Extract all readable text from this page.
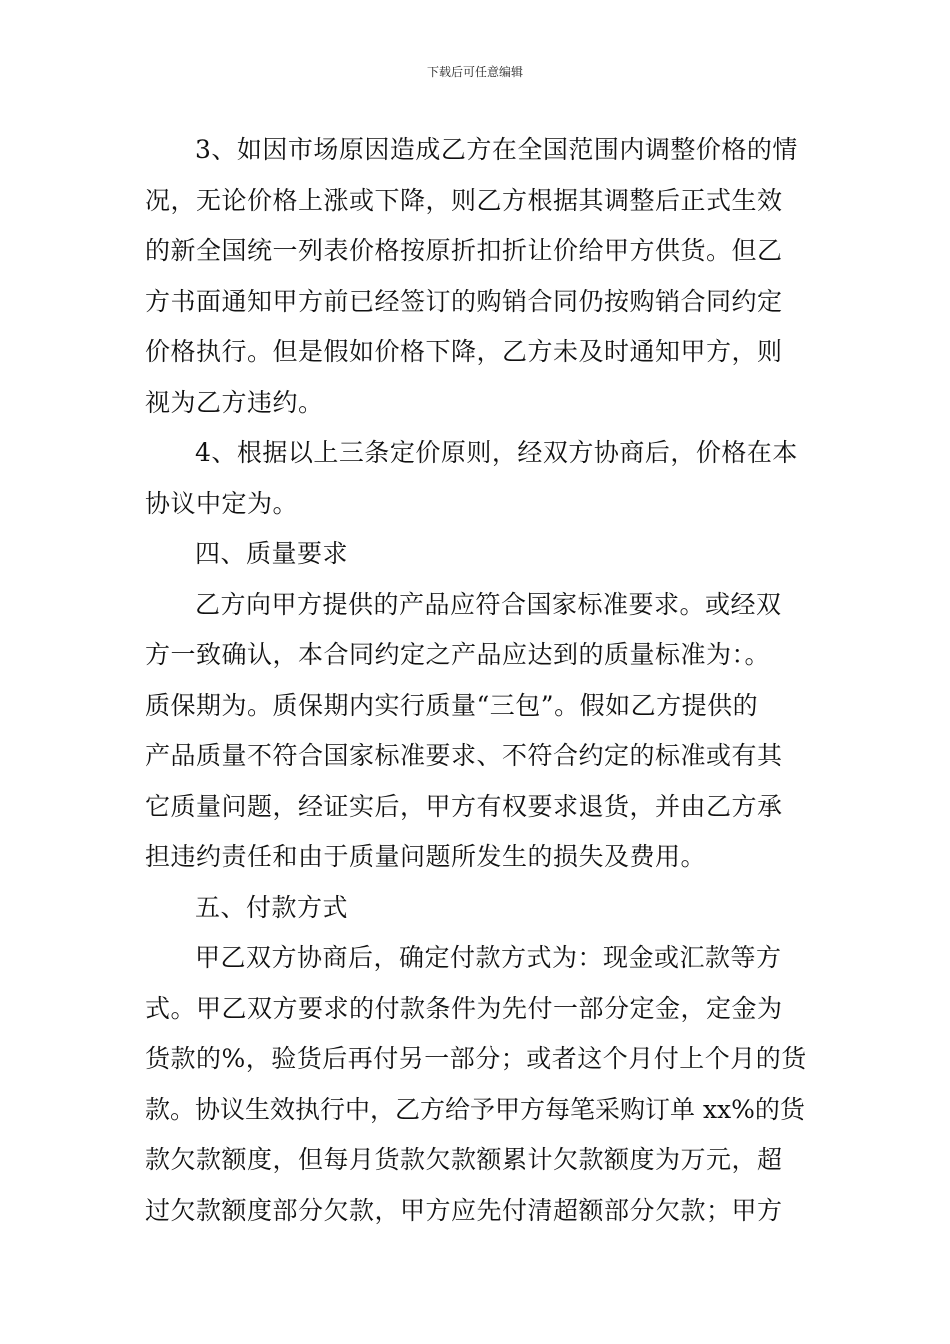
下载后可任意编辑
3、如因市场原因造成乙方在全国范围内调整价格的情
况，无论价格上涨或下降，则乙方根据其调整后正式生效
的新全国统一列表价格按原折扣折让价给甲方供货。但乙
方书面通知甲方前已经签订的购销合同仍按购销合同约定
价格执行。但是假如价格下降，乙方未及时通知甲方，则
视为乙方违约。
4、根据以上三条定价原则，经双方协商后，价格在本
协议中定为。
四、质量要求
乙方向甲方提供的产品应符合国家标准要求。或经双
方一致确认，本合同约定之产品应达到的质量标准为：。
质保期为。质保期内实行质量“三包”。假如乙方提供的
产品质量不符合国家标准要求、不符合约定的标准或有其
它质量问题，经证实后，甲方有权要求退货，并由乙方承
担违约责任和由于质量问题所发生的损失及费用。
五、付款方式
甲乙双方协商后，确定付款方式为：现金或汇款等方
式。甲乙双方要求的付款条件为先付一部分定金，定金为
货款的%，验货后再付另一部分；或者这个月付上个月的货
款。协议生效执行中，乙方给予甲方每笔采购订单 xx%的货
款欠款额度，但每月货款欠款额累计欠款额度为万元，超
过欠款额度部分欠款，甲方应先付清超额部分欠款；甲方
